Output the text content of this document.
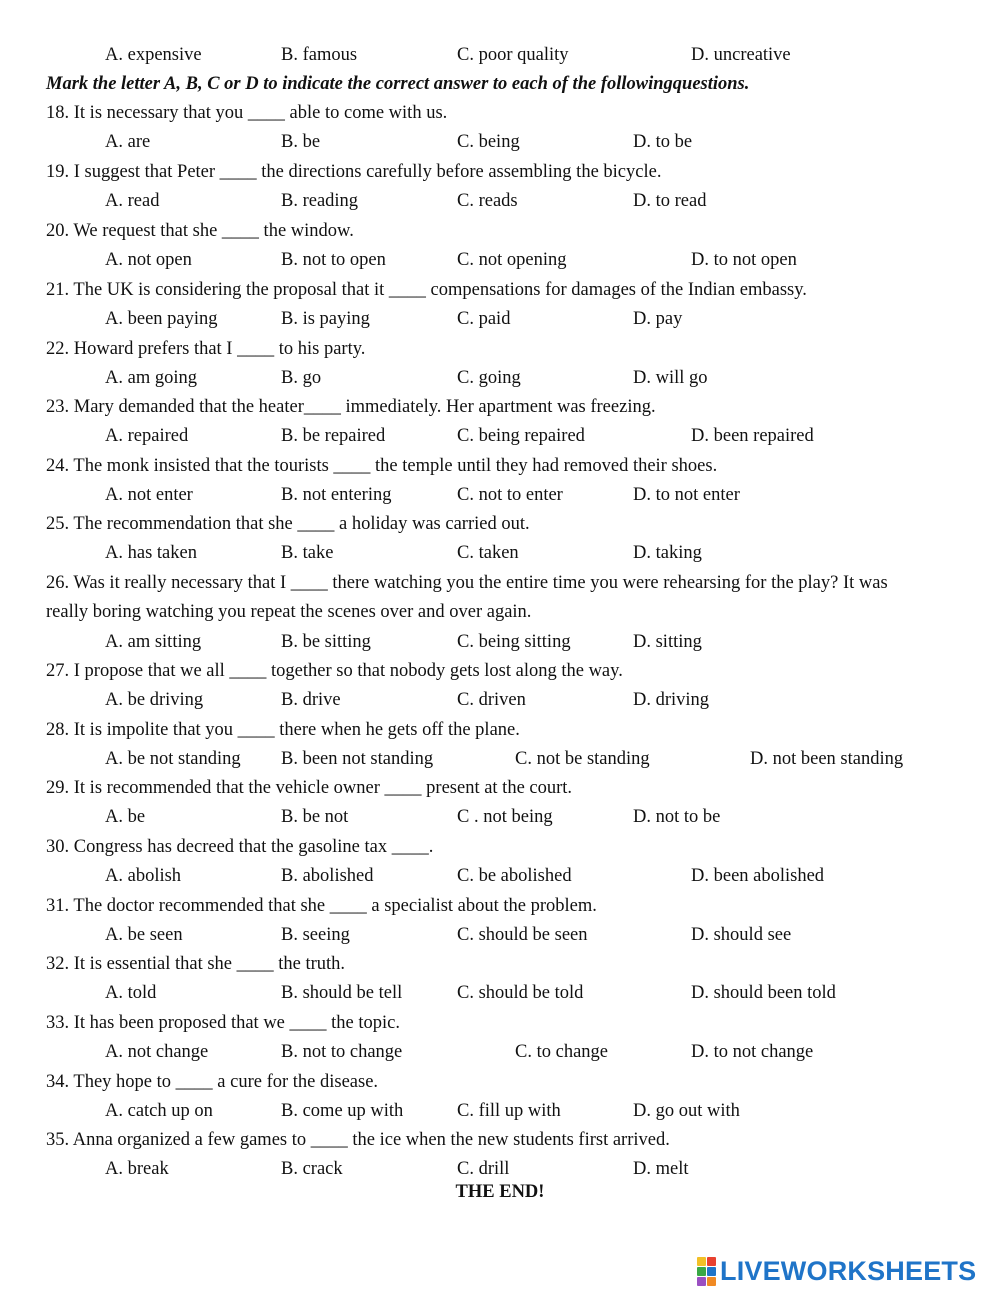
A. expensive	B. famous	C. poor quality	D. uncreative
Mark the letter A, B, C or D to indicate the correct answer to each of the followingquestions.
18. It is necessary that you ____ able to come with us.
A. are	B. be	C. being	D. to be
19. I suggest that Peter ____ the directions carefully before assembling the bicycle.
A. read	B. reading	C. reads	D. to read
20. We request that she ____ the window.
A. not open	B. not to open	C. not opening	D. to not open
21. The UK is considering the proposal that it ____ compensations for damages of the Indian embassy.
A. been paying	B. is paying	C. paid	D. pay
22. Howard prefers that I ____ to his party.
A. am going	B. go	C. going	D. will go
23. Mary demanded that the heater____ immediately. Her apartment was freezing.
A. repaired	B. be repaired	C. being repaired	D. been repaired
24. The monk insisted that the tourists ____ the temple until they had removed their shoes.
A. not enter	B. not entering	C. not to enter	D. to not enter
25. The recommendation that she ____ a holiday was carried out.
A. has taken	B. take	C. taken	D. taking
26. Was it really necessary that I ____ there watching you the entire time you were rehearsing for the play? It was
really boring watching you repeat the scenes over and over again.
A. am sitting	B. be sitting	C. being sitting	D. sitting
27. I propose that we all ____ together so that nobody gets lost along the way.
A. be driving	B. drive	C. driven	D. driving
28. It is impolite that you ____ there when he gets off the plane.
A. be not standing B. been not standing	C. not be standing	D. not been standing
29. It is recommended that the vehicle owner ____ present at the court.
A. be	B. be not	C . not being	D. not to be
30. Congress has decreed that the gasoline tax ____.
A. abolish	B. abolished	C. be abolished	D. been abolished
31. The doctor recommended that she ____ a specialist about the problem.
A. be seen	B. seeing	C. should be seen	D. should see
32. It is essential that she ____ the truth.
A. told	B. should be tell	C. should be told	D. should been told
33. It has been proposed that we ____ the topic.
A. not change	B. not to change	C. to change	D. to not change
34. They hope to ____ a cure for the disease.
A. catch up on	B. come up with	C. fill up with	D. go out with
35. Anna organized a few games to ____ the ice when the new students first arrived.
A. break	B. crack	C. drill	D. melt
THE END!
LIVEWORKSHEETS
